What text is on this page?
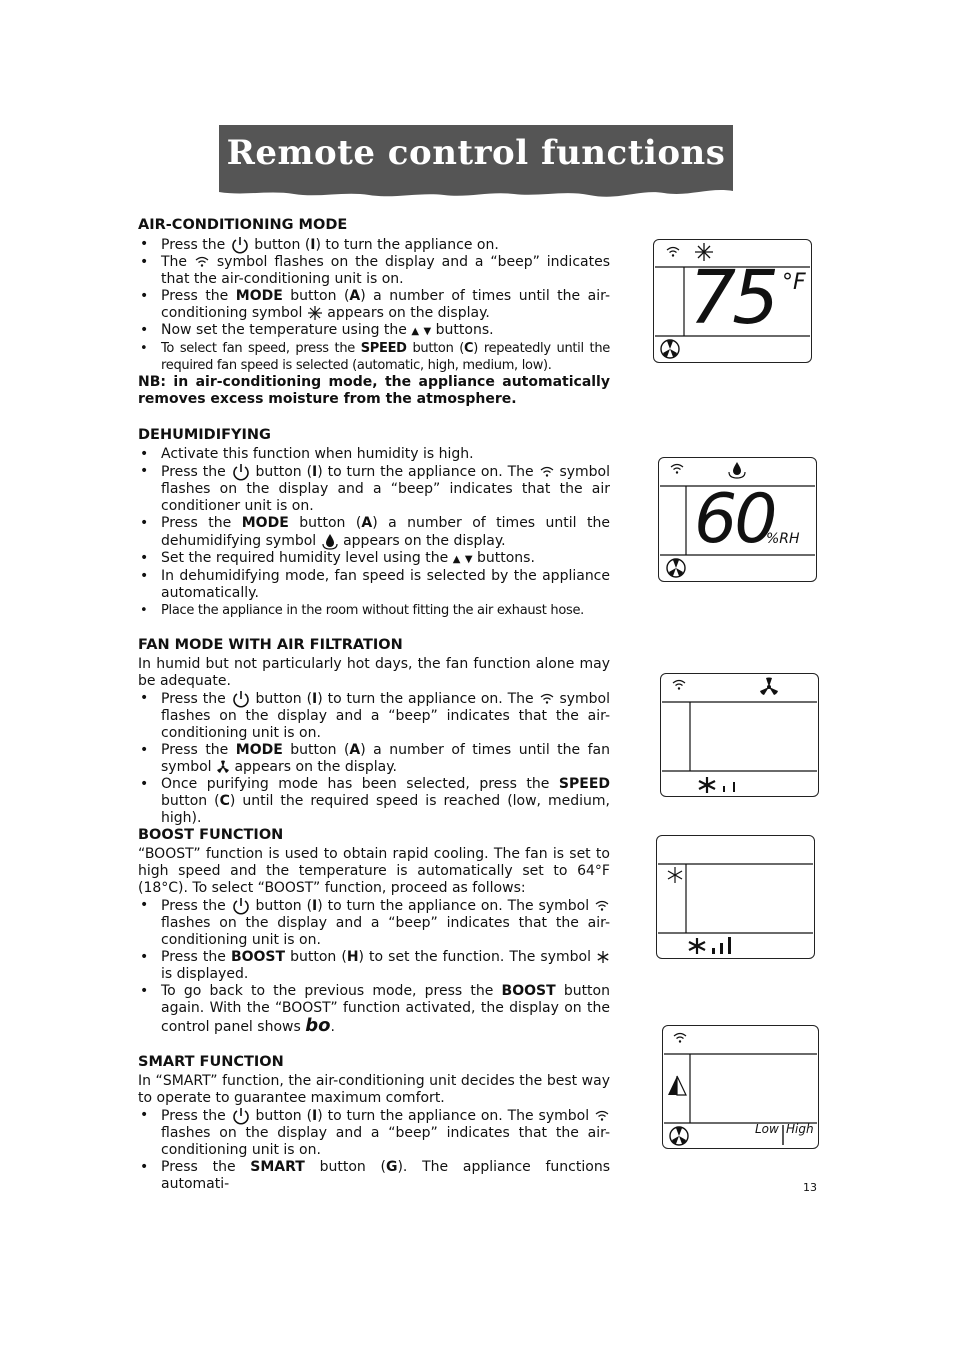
Remote control functions
AIR-CONDITIONING MODE
• Press the button (I) to turn the appliance on.
• The symbol flashes on the display and a “beep” indicates that the air-conditioning unit is on.
• Press the MODE button (A) a number of times until the air-conditioning symbol appears on the display.
• Now set the temperature using the ▲ ▼ buttons.
• To select fan speed, press the SPEED button (C) repeatedly until the required fan speed is selected (automatic, high, medium, low).

NB: in air-conditioning mode, the appliance automatically removes excess moisture from the atmosphere.

DEHUMIDIFYING
• Activate this function when humidity is high.
• Press the button (I) to turn the appliance on. The symbol flashes on the display and a “beep” indicates that the air conditioner unit is on.
• Press the MODE button (A) a number of times until the dehumidifying symbol appears on the display.
• Set the required humidity level using the ▲ ▼ buttons.
• In dehumidifying mode, fan speed is selected by the appliance automatically.
• Place the appliance in the room without fitting the air exhaust hose.
FAN MODE WITH AIR FILTRATION

In humid but not particularly hot days, the fan function alone may be adequate.

• Press the button (I) to turn the appliance on. The symbol flashes on the display and a “beep” indicates that the air-conditioning unit is on.
• Press the MODE button (A) a number of times until the fan symbol appears on the display.
• Once purifying mode has been selected, press the SPEED button (C) until the required speed is reached (low, medium, high).
BOOST FUNCTION

“BOOST” function is used to obtain rapid cooling. The fan is set to high speed and the temperature is automatically set to 64°F (18°C). To select “BOOST” function, proceed as follows:

• Press the button (I) to turn the appliance on. The symbol  flashes on the display and a “beep” indicates that the air-conditioning unit is on.
• Press the BOOST button (H) to set the function. The symbol  is displayed.
• To go back to the previous mode, press the BOOST button again. With the “BOOST” function activated, the display on the control panel shows bo.
SMART FUNCTION

In “SMART” function, the air-conditioning unit decides the best way to operate to guarantee maximum comfort.

• Press the button (I) to turn the appliance on. The symbol  flashes on the display and a “beep” indicates that the air-conditioning unit is on.
• Press the SMART button (G). The appliance functions automati-
75 °F
60
%RH
Low High
13
